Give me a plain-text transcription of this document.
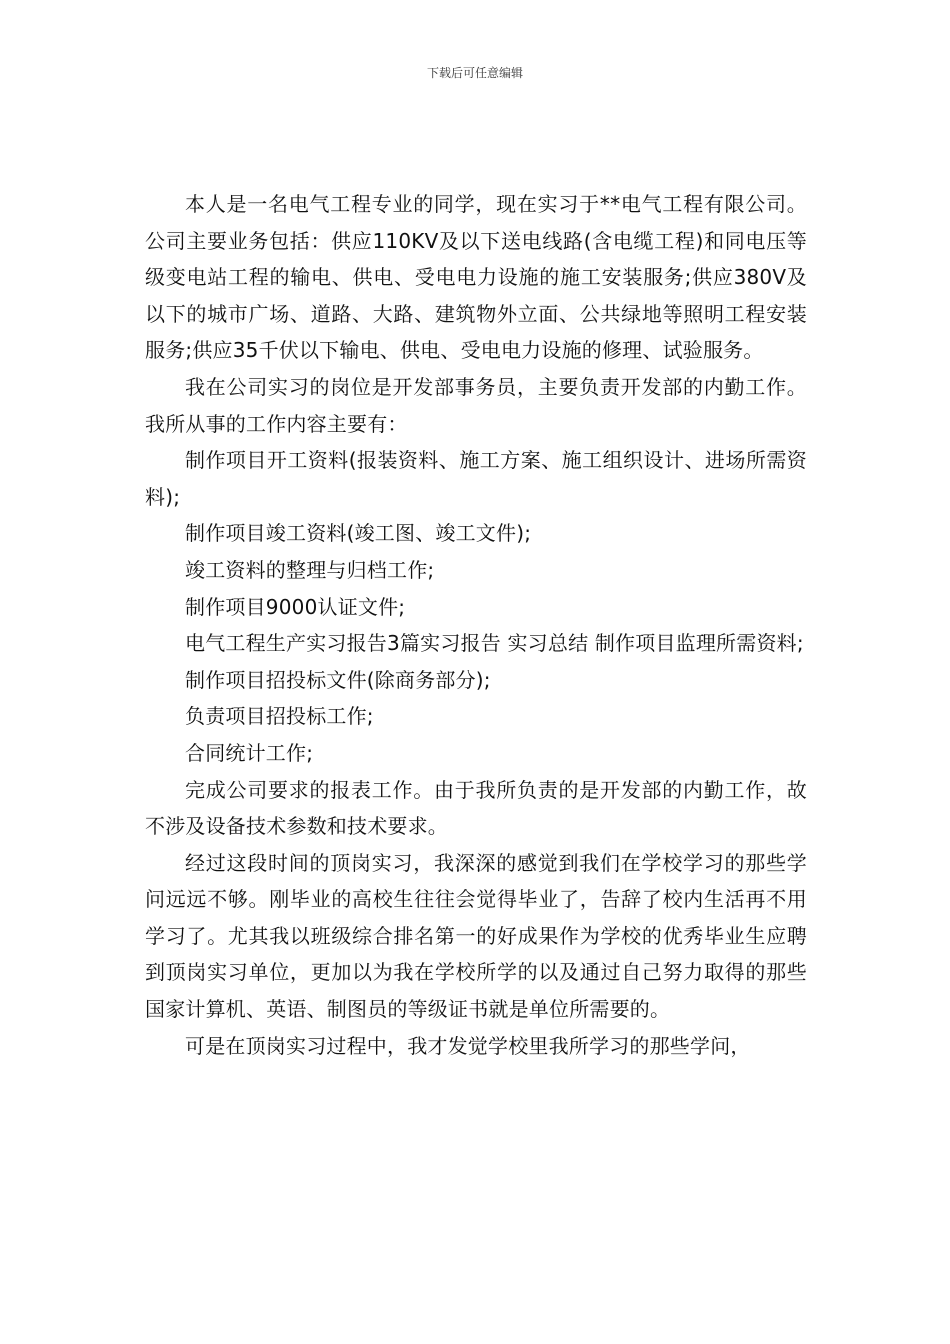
下载后可任意编辑

本人是一名电气工程专业的同学，现在实习于**电气工程有限公司。公司主要业务包括：供应110KV及以下送电线路(含电缆工程)和同电压等级变电站工程的输电、供电、受电电力设施的施工安装服务;供应380V及以下的城市广场、道路、大路、建筑物外立面、公共绿地等照明工程安装服务;供应35千伏以下输电、供电、受电电力设施的修理、试验服务。

我在公司实习的岗位是开发部事务员，主要负责开发部的内勤工作。我所从事的工作内容主要有：

制作项目开工资料(报装资料、施工方案、施工组织设计、进场所需资料);

制作项目竣工资料(竣工图、竣工文件);

竣工资料的整理与归档工作;

制作项目9000认证文件;

电气工程生产实习报告3篇实习报告 实习总结 制作项目监理所需资料;

制作项目招投标文件(除商务部分);

负责项目招投标工作;

合同统计工作;

完成公司要求的报表工作。由于我所负责的是开发部的内勤工作，故不涉及设备技术参数和技术要求。

经过这段时间的顶岗实习，我深深的感觉到我们在学校学习的那些学问远远不够。刚毕业的高校生往往会觉得毕业了，告辞了校内生活再不用学习了。尤其我以班级综合排名第一的好成果作为学校的优秀毕业生应聘到顶岗实习单位，更加以为我在学校所学的以及通过自己努力取得的那些国家计算机、英语、制图员的等级证书就是单位所需要的。

可是在顶岗实习过程中，我才发觉学校里我所学习的那些学问，
